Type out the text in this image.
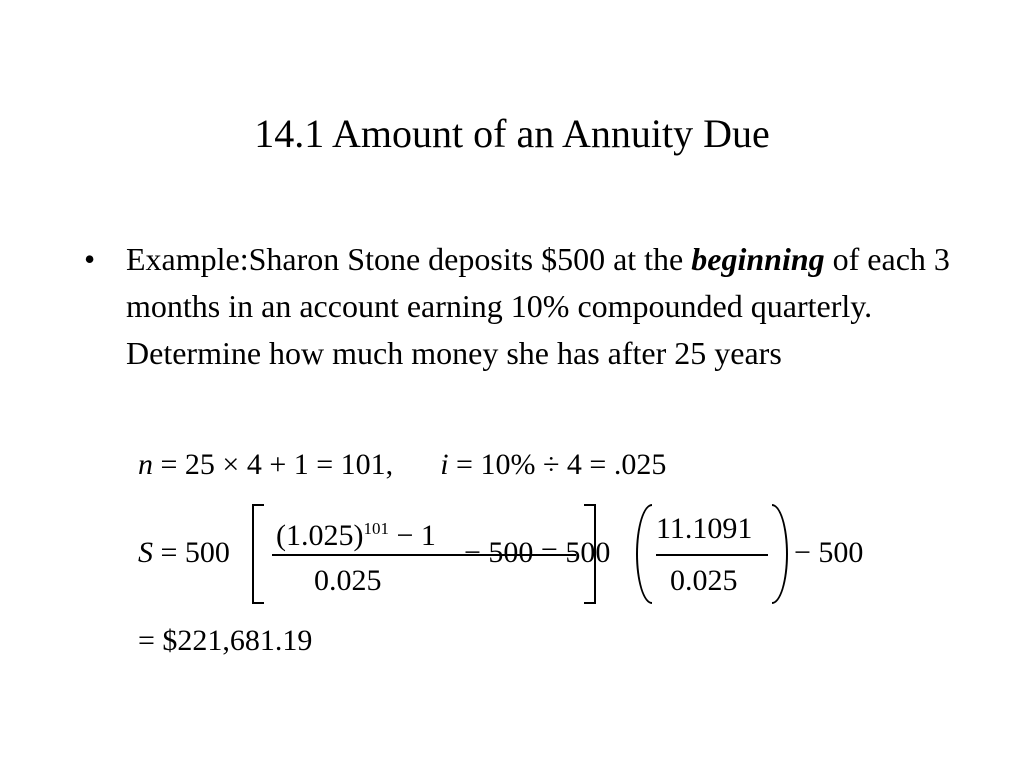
14.1 Amount of an Annuity Due
• Example:Sharon Stone deposits $500 at the beginning of each 3 months in an account earning 10% compounded quarterly. Determine how much money she has after 25 years
n = 25 × 4 + 1 = 101, i = 10% ÷ 4 = .025
S = 500
$(1.025)^{101} - 1$
0.025
− 500 = 500
11.1091
0.025
− 500
= $221,681.19
